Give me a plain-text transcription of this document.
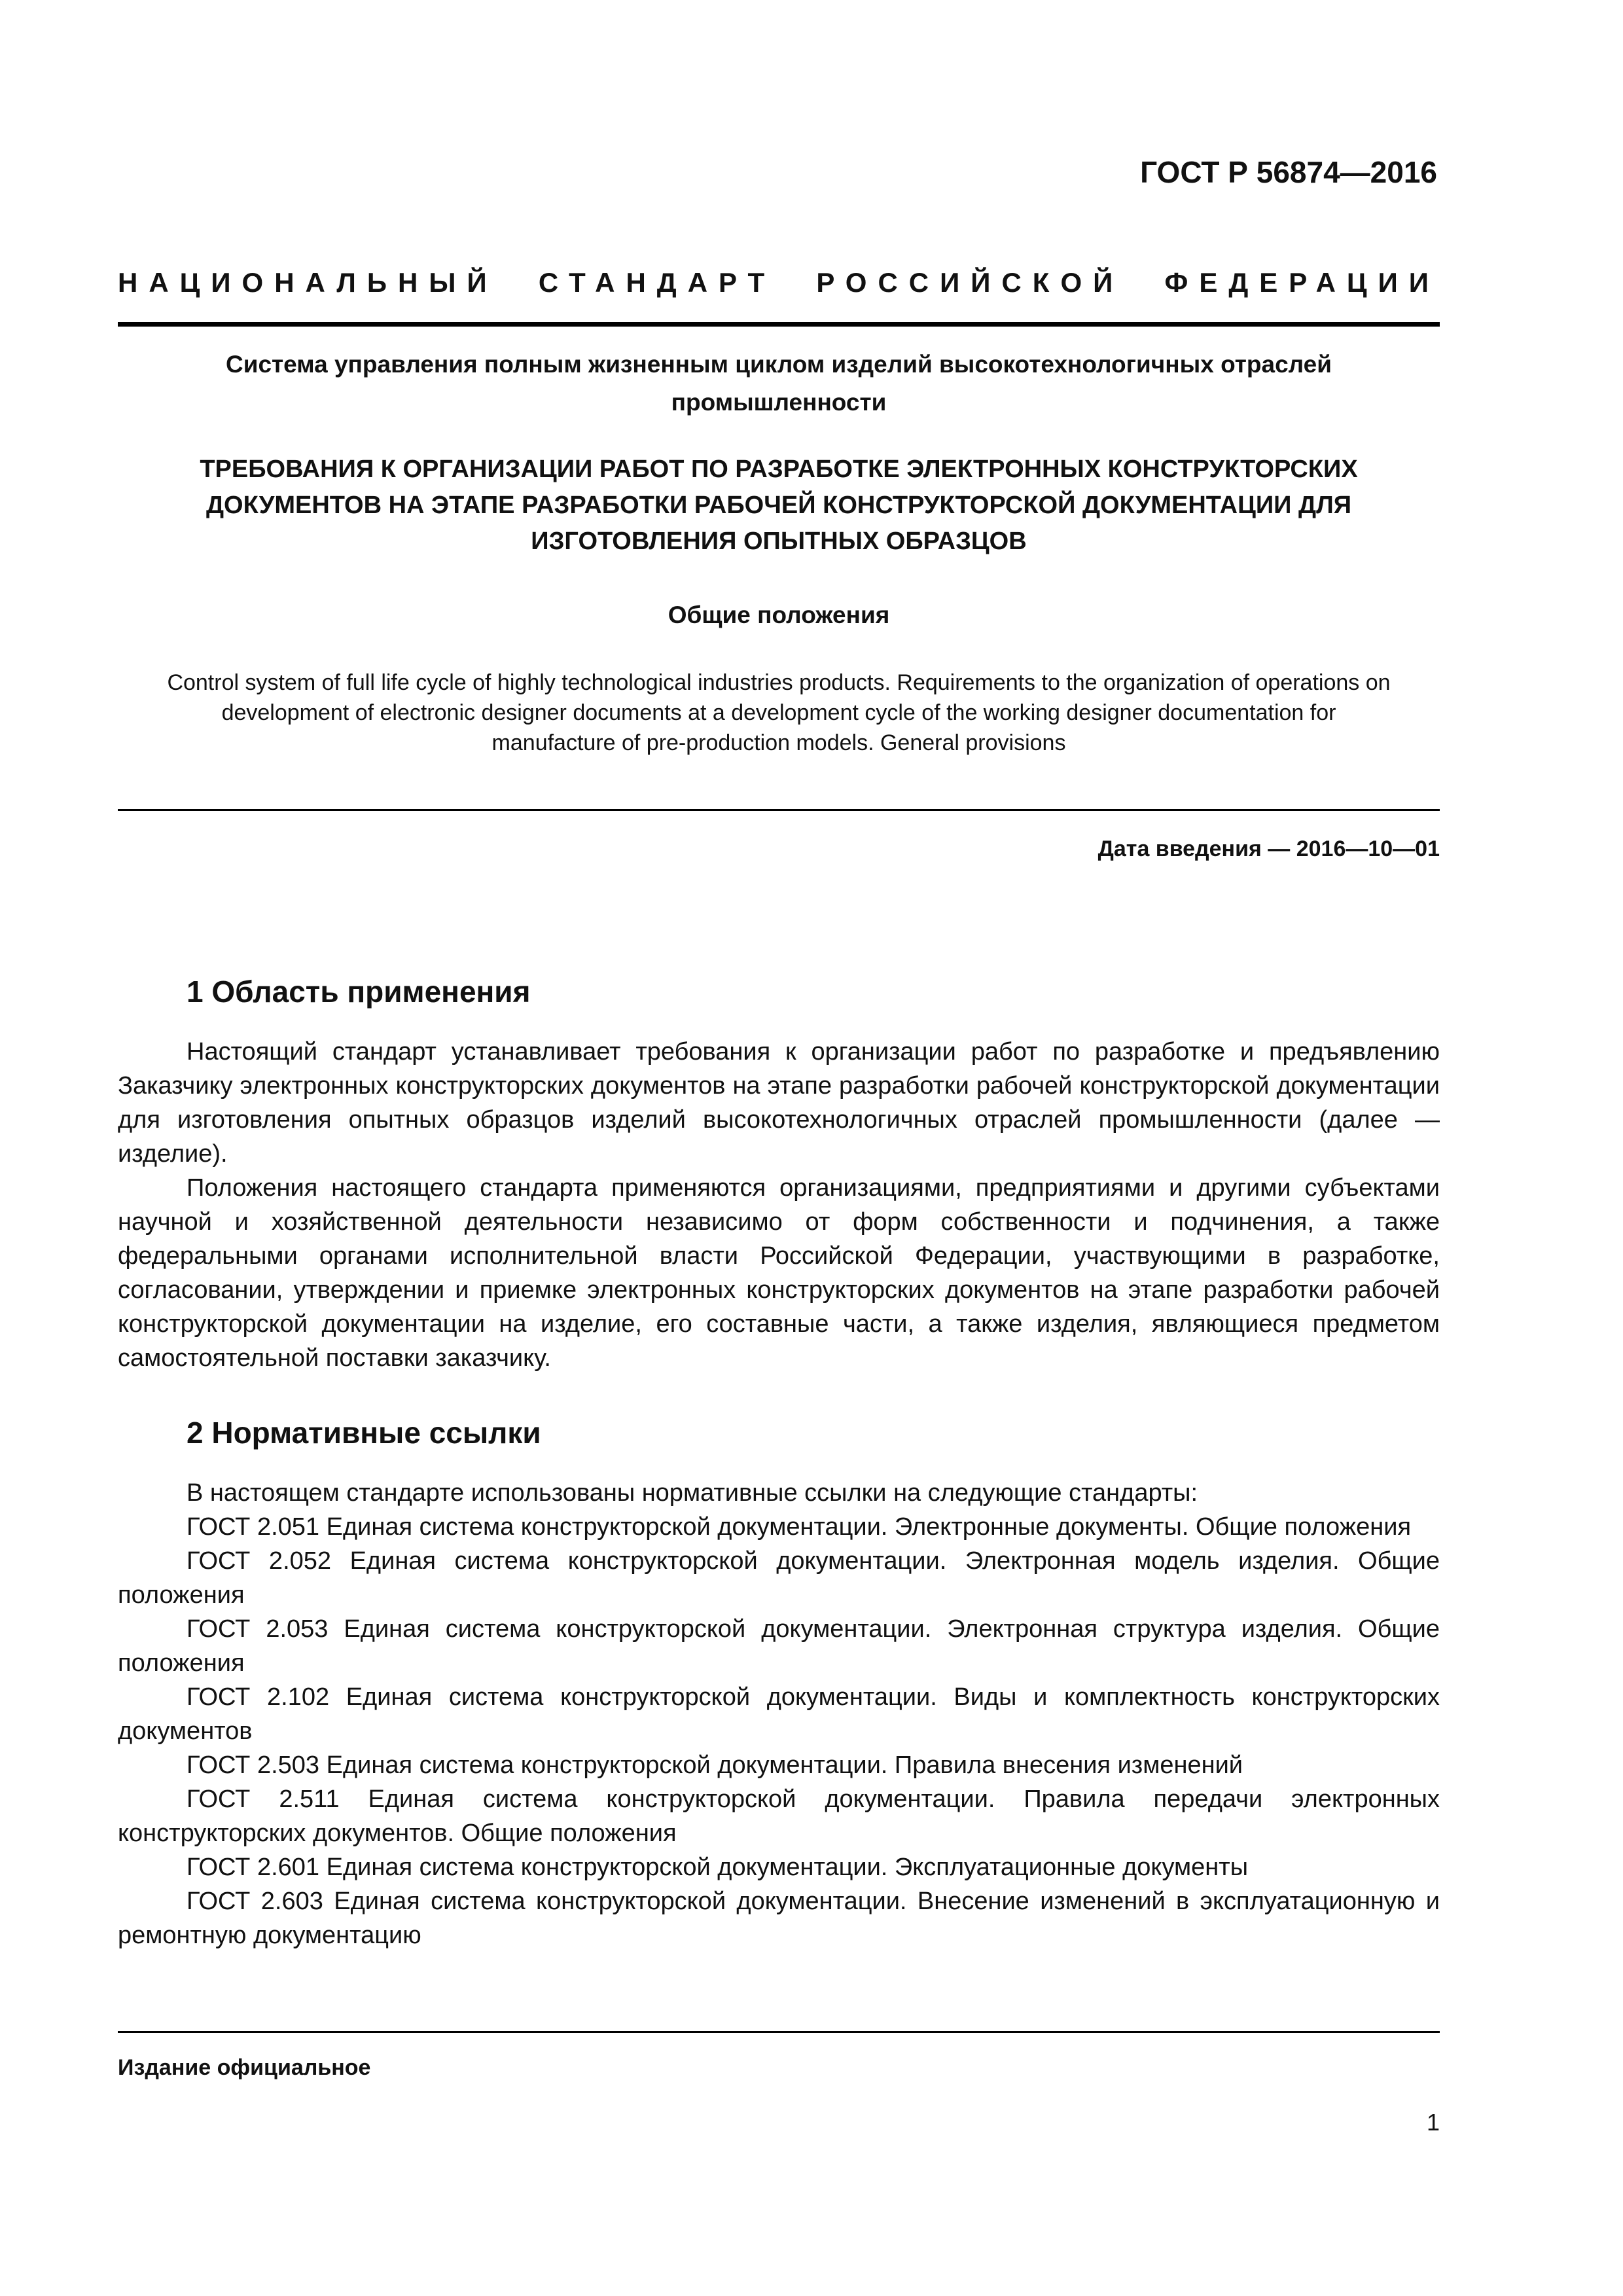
ГОСТ Р 56874—2016

НАЦИОНАЛЬНЫЙ СТАНДАРТ РОССИЙСКОЙ ФЕДЕРАЦИИ

Система управления полным жизненным циклом изделий высокотехнологичных отраслей промышленности

ТРЕБОВАНИЯ К ОРГАНИЗАЦИИ РАБОТ ПО РАЗРАБОТКЕ ЭЛЕКТРОННЫХ КОНСТРУКТОРСКИХ ДОКУМЕНТОВ НА ЭТАПЕ РАЗРАБОТКИ РАБОЧЕЙ КОНСТРУКТОРСКОЙ ДОКУМЕНТАЦИИ ДЛЯ ИЗГОТОВЛЕНИЯ ОПЫТНЫХ ОБРАЗЦОВ

Общие положения

Control system of full life cycle of highly technological industries products. Requirements to the organization of operations on development of electronic designer documents at a development cycle of the working designer documentation for manufacture of pre-production models. General provisions

Дата введения — 2016—10—01

1 Область применения

Настоящий стандарт устанавливает требования к организации работ по разработке и предъявлению Заказчику электронных конструкторских документов на этапе разработки рабочей конструкторской документации для изготовления опытных образцов изделий высокотехнологичных отраслей промышленности (далее — изделие).

Положения настоящего стандарта применяются организациями, предприятиями и другими субъектами научной и хозяйственной деятельности независимо от форм собственности и подчинения, а также федеральными органами исполнительной власти Российской Федерации, участвующими в разработке, согласовании, утверждении и приемке электронных конструкторских документов на этапе разработки рабочей конструкторской документации на изделие, его составные части, а также изделия, являющиеся предметом самостоятельной поставки заказчику.

2 Нормативные ссылки

В настоящем стандарте использованы нормативные ссылки на следующие стандарты:

ГОСТ 2.051 Единая система конструкторской документации. Электронные документы. Общие положения

ГОСТ 2.052 Единая система конструкторской документации. Электронная модель изделия. Общие положения

ГОСТ 2.053 Единая система конструкторской документации. Электронная структура изделия. Общие положения

ГОСТ 2.102 Единая система конструкторской документации. Виды и комплектность конструкторских документов

ГОСТ 2.503 Единая система конструкторской документации. Правила внесения изменений

ГОСТ 2.511 Единая система конструкторской документации. Правила передачи электронных конструкторских документов. Общие положения

ГОСТ 2.601 Единая система конструкторской документации. Эксплуатационные документы

ГОСТ 2.603 Единая система конструкторской документации. Внесение изменений в эксплуатационную и ремонтную документацию

Издание официальное

1
